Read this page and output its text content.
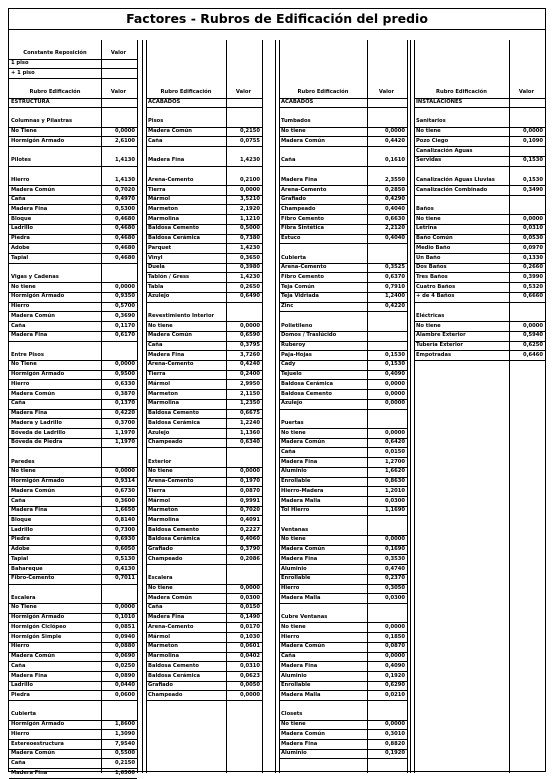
Factores - Rubros de Edificación del predio
Constante Reposición	Valor
1 piso
+ 1 piso
Rubro Edificación	Valor
ESTRUCTURA
Columnas y Pilastras
No Tiene	0,0000
Hormigón Armado	2,6100
Pilotes	1,4130
Hierro	1,4130
Madera Común	0,7020
Caña	0,4970
Madera Fina	0,5300
Bloque	0,4680
Ladrillo	0,4680
Piedra	0,4680
Adobe	0,4680
Tapial	0,4680
Vigas y Cadenas
No tiene	0,0000
Hormigón Armado	0,9350
Hierro	0,5700
Madera Común	0,3690
Caña	0,1170
Madera Fina	0,6170
Entre Pisos
No Tiene	0,0000
Hormigón Armado	0,9500
Hierro	0,6330
Madera Común	0,3870
Caña	0,1370
Madera Fina	0,4220
Madera y Ladrillo	0,3700
Bóveda de Ladrillo	1,1970
Bóveda de Piedra	1,1970
Paredes
No tiene	0,0000
Hormigón Armado	0,9314
Madera Común	0,6730
Caña	0,3600
Madera Fina	1,6650
Bloque	0,8140
Ladrillo	0,7300
Piedra	0,6930
Adobe	0,6050
Tapial	0,5130
Bahareque	0,4130
Fibro-Cemento	0,7011
Escalera
No Tiene	0,0000
Hormigón Armado	0,1010
Hormigón Ciclópeo	0,0851
Hormigón Simple	0,0940
Hierro	0,0880
Madera Común	0,0690
Caña	0,0250
Madera Fina	0,0890
Ladrillo	0,0440
Piedra	0,0600
Cubierta
Hormigón Armado	1,8600
Hierro	1,3090
Estereoestructura	7,9540
Madera Común	0,5500
Caña	0,2150
Madera Fina	1,6500
Rubro Edificación	Valor
ACABADOS
Pisos
Madera Común	0,2150
Caña	0,0755
Madera Fina	1,4230
Arena-Cemento	0,2100
Tierra	0,0000
Mármol	3,5210
Marmeton	2,1920
Marmolina	1,1210
Baldosa Cemento	0,5000
Baldosa Cerámica	0,7380
Parquet	1,4230
Vinyl	0,3650
Duela	0,3980
Tablón / Gress	1,4230
Tabla	0,2650
Azulejo	0,6490
Revestimiento Interior
No tiene	0,0000
Madera Común	0,6590
Caña	0,3795
Madera Fina	3,7260
Arena-Cemento	0,4240
Tierra	0,2400
Mármol	2,9950
Marmeton	2,1150
Marmolina	1,2350
Baldosa Cemento	0,6675
Baldosa Cerámica	1,2240
Azulejo	1,1360
Champeado	0,6340
Exterior
No tiene	0,0000
Arena-Cemento	0,1970
Tierra	0,0870
Mármol	0,9991
Marmeton	0,7020
Marmolina	0,4091
Baldosa Cemento	0,2227
Baldosa Cerámica	0,4060
Grafiado	0,3790
Champeado	0,2086
Escalera
No tiene	0,0000
Madera Común	0,0300
Caña	0,0150
Madera Fina	0,1490
Arena-Cemento	0,0170
Mármol	0,1030
Marmeton	0,0601
Marmolina	0,0402
Baldosa Cemento	0,0310
Baldosa Cerámica	0,0623
Grafiado	0,0050
Champeado	0,0000
Rubro Edificación	Valor
ACABADOS
Tumbados
No tiene	0,0000
Madera Común	0,4420
Caña	0,1610
Madera Fina	2,3550
Arena-Cemento	0,2850
Grafiado	0,4290
Champeado	0,4040
Fibro Cemento	0,6630
Fibra Sintética	2,2120
Estuco	0,4040
Cubierta
Arena-Cemento	0,3525
Fibro Cemento	0,6370
Teja Común	0,7910
Teja Vidriada	1,2400
Zinc	0,4220
Polietileno
Domos / Traslúcido
Ruberoy
Paja-Hojas	0,1530
Cady	0,1530
Tejuelo	0,4090
Baldosa Cerámica	0,0000
Baldosa Cemento	0,0000
Azulejo	0,0000
Puertas
No tiene	0,0000
Madera Común	0,6420
Caña	0,0150
Madera Fina	1,2700
Aluminio	1,6620
Enrollable	0,8630
Hierro-Madera	1,2010
Madera Malla	0,0300
Tol Hierro	1,1690
Ventanas
No tiene	0,0000
Madera Común	0,1690
Madera Fina	0,3530
Aluminio	0,4740
Enrollable	0,2370
Hierro	0,3050
Madera Malla	0,0300
Cubre Ventanas
No tiene	0,0000
Hierro	0,1850
Madera Común	0,0870
Caña	0,0000
Madera Fina	0,4090
Aluminio	0,1920
Enrollable	0,6290
Madera Malla	0,0210
Closets
No tiene	0,0000
Madera Común	0,3010
Madera Fina	0,8820
Aluminio	0,1920
Rubro Edificación	Valor
INSTALACIONES
Sanitarios
No tiene	0,0000
Pozo Ciego	0,1090
Canalización Aguas
Servidas	0,1530
Canalización Aguas Lluvias	0,1530
Canalización Combinado	0,3490
Baños
No tiene	0,0000
Letrina	0,0310
Baño Común	0,0530
Medio Baño	0,0970
Un Baño	0,1330
Dos Baños	0,2660
Tres Baños	0,3990
Cuatro Baños	0,5320
+ de 4 Baños	0,6660
Eléctricas
No tiene	0,0000
Alambre Exterior	0,5940
Tubería Exterior	0,6250
Empotradas	0,6460
